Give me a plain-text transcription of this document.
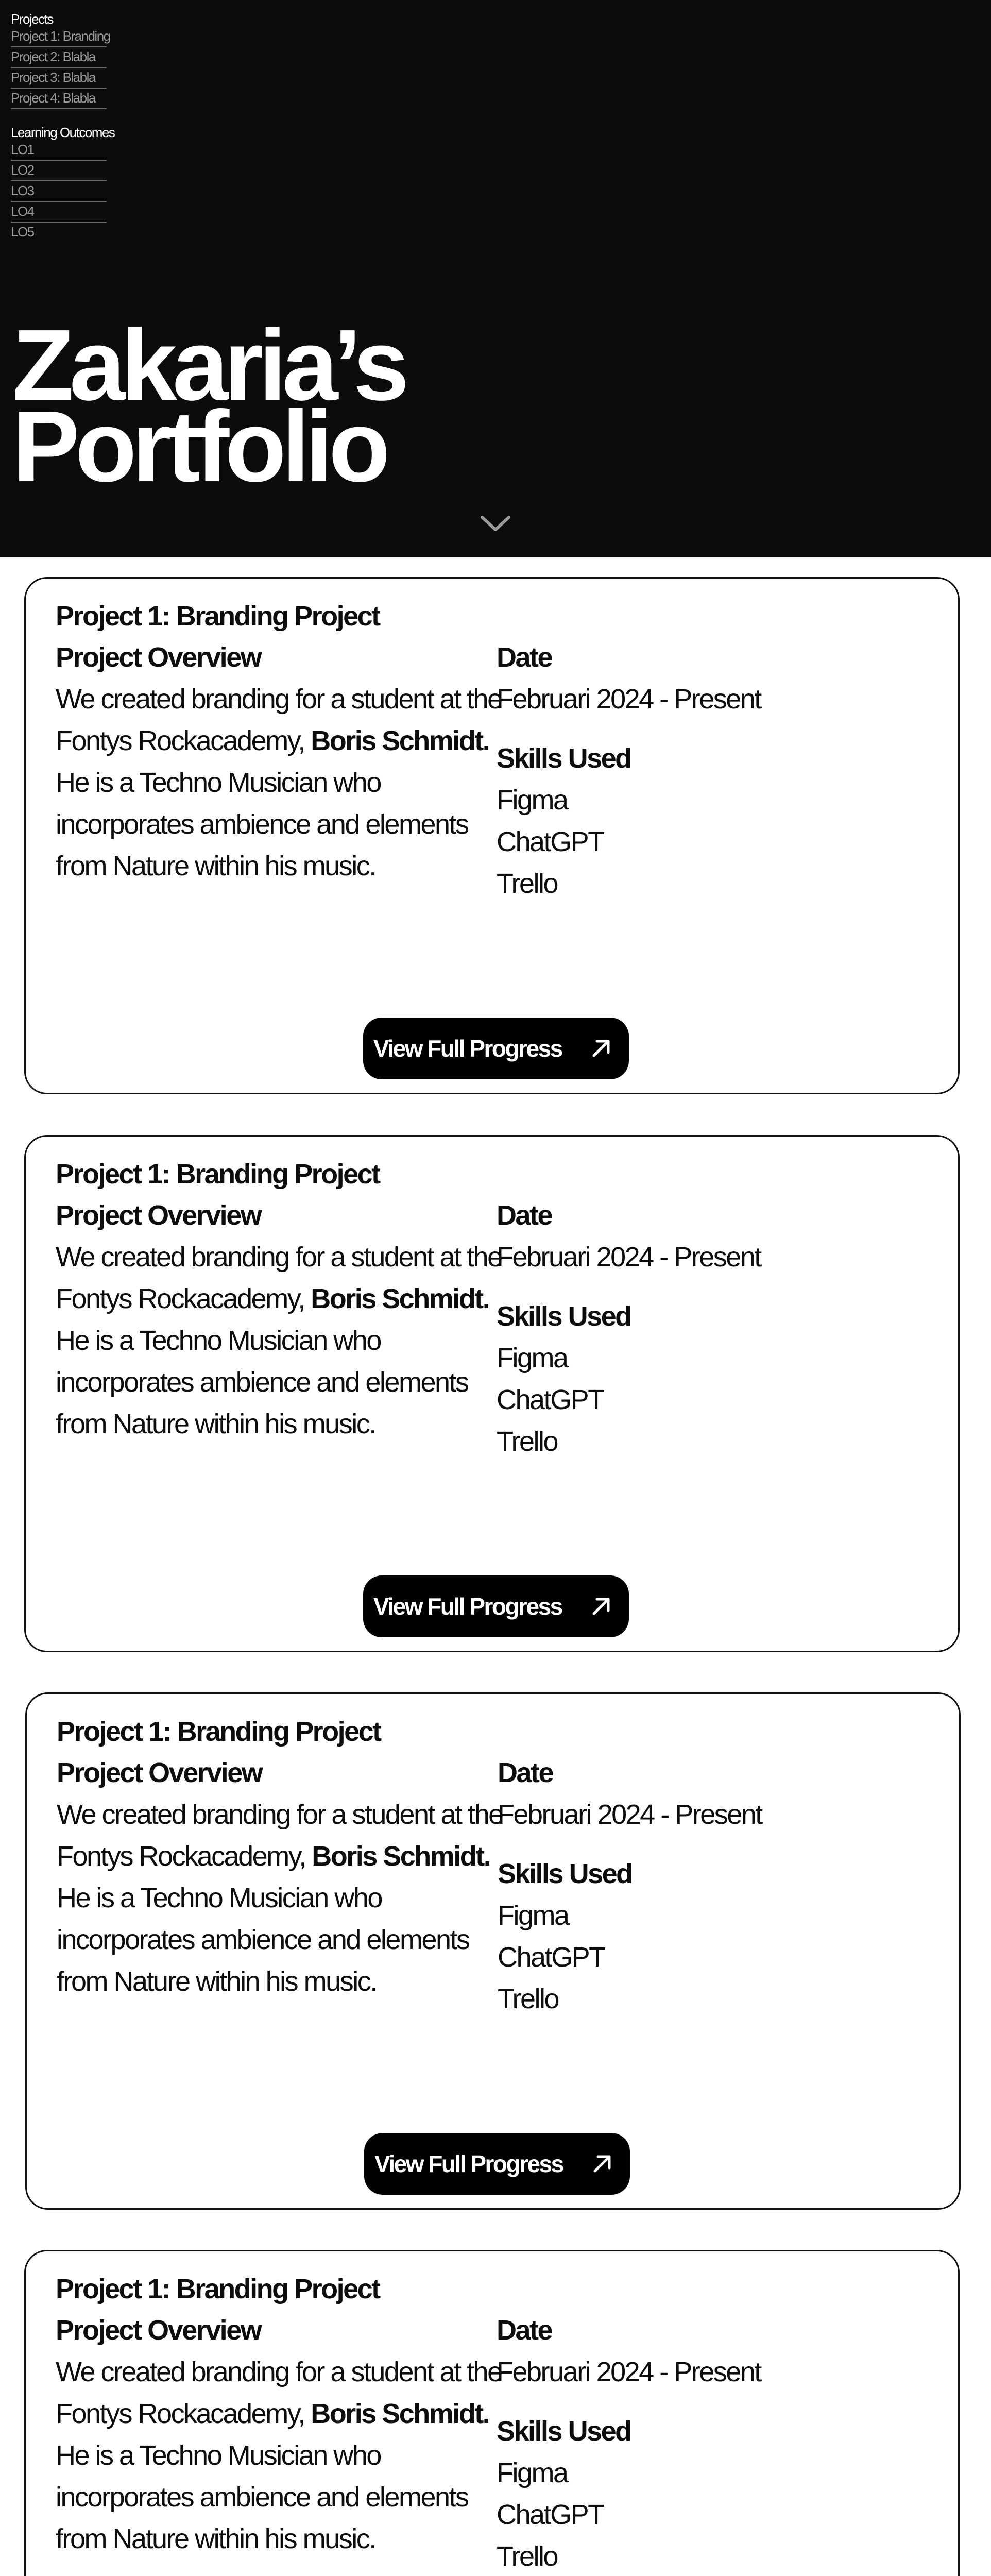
Projects
Project 1: Branding
Project 2: Blabla
Project 3: Blabla
Project 4: Blabla
Learning Outcomes
LO1
LO2
LO3
LO4
LO5
Zakaria’s
Portfolio
Project 1: Branding Project
Project Overview

We created branding for a student at the
Fontys Rockacademy, Boris Schmidt.
He is a Techno Musician who
incorporates ambience and elements
from Nature within his music.

Date

Februari 2024 - Present

Skills Used
Figma
ChatGPT
Trello
View Full Progress
Project 1: Branding Project
Project Overview

We created branding for a student at the
Fontys Rockacademy, Boris Schmidt.
He is a Techno Musician who
incorporates ambience and elements
from Nature within his music.

Date

Februari 2024 - Present

Skills Used
Figma
ChatGPT
Trello
View Full Progress
Project 1: Branding Project
Project Overview

We created branding for a student at the
Fontys Rockacademy, Boris Schmidt.
He is a Techno Musician who
incorporates ambience and elements
from Nature within his music.

Date

Februari 2024 - Present

Skills Used
Figma
ChatGPT
Trello
View Full Progress
Project 1: Branding Project
Project Overview

We created branding for a student at the
Fontys Rockacademy, Boris Schmidt.
He is a Techno Musician who
incorporates ambience and elements
from Nature within his music.

Date

Februari 2024 - Present

Skills Used
Figma
ChatGPT
Trello
